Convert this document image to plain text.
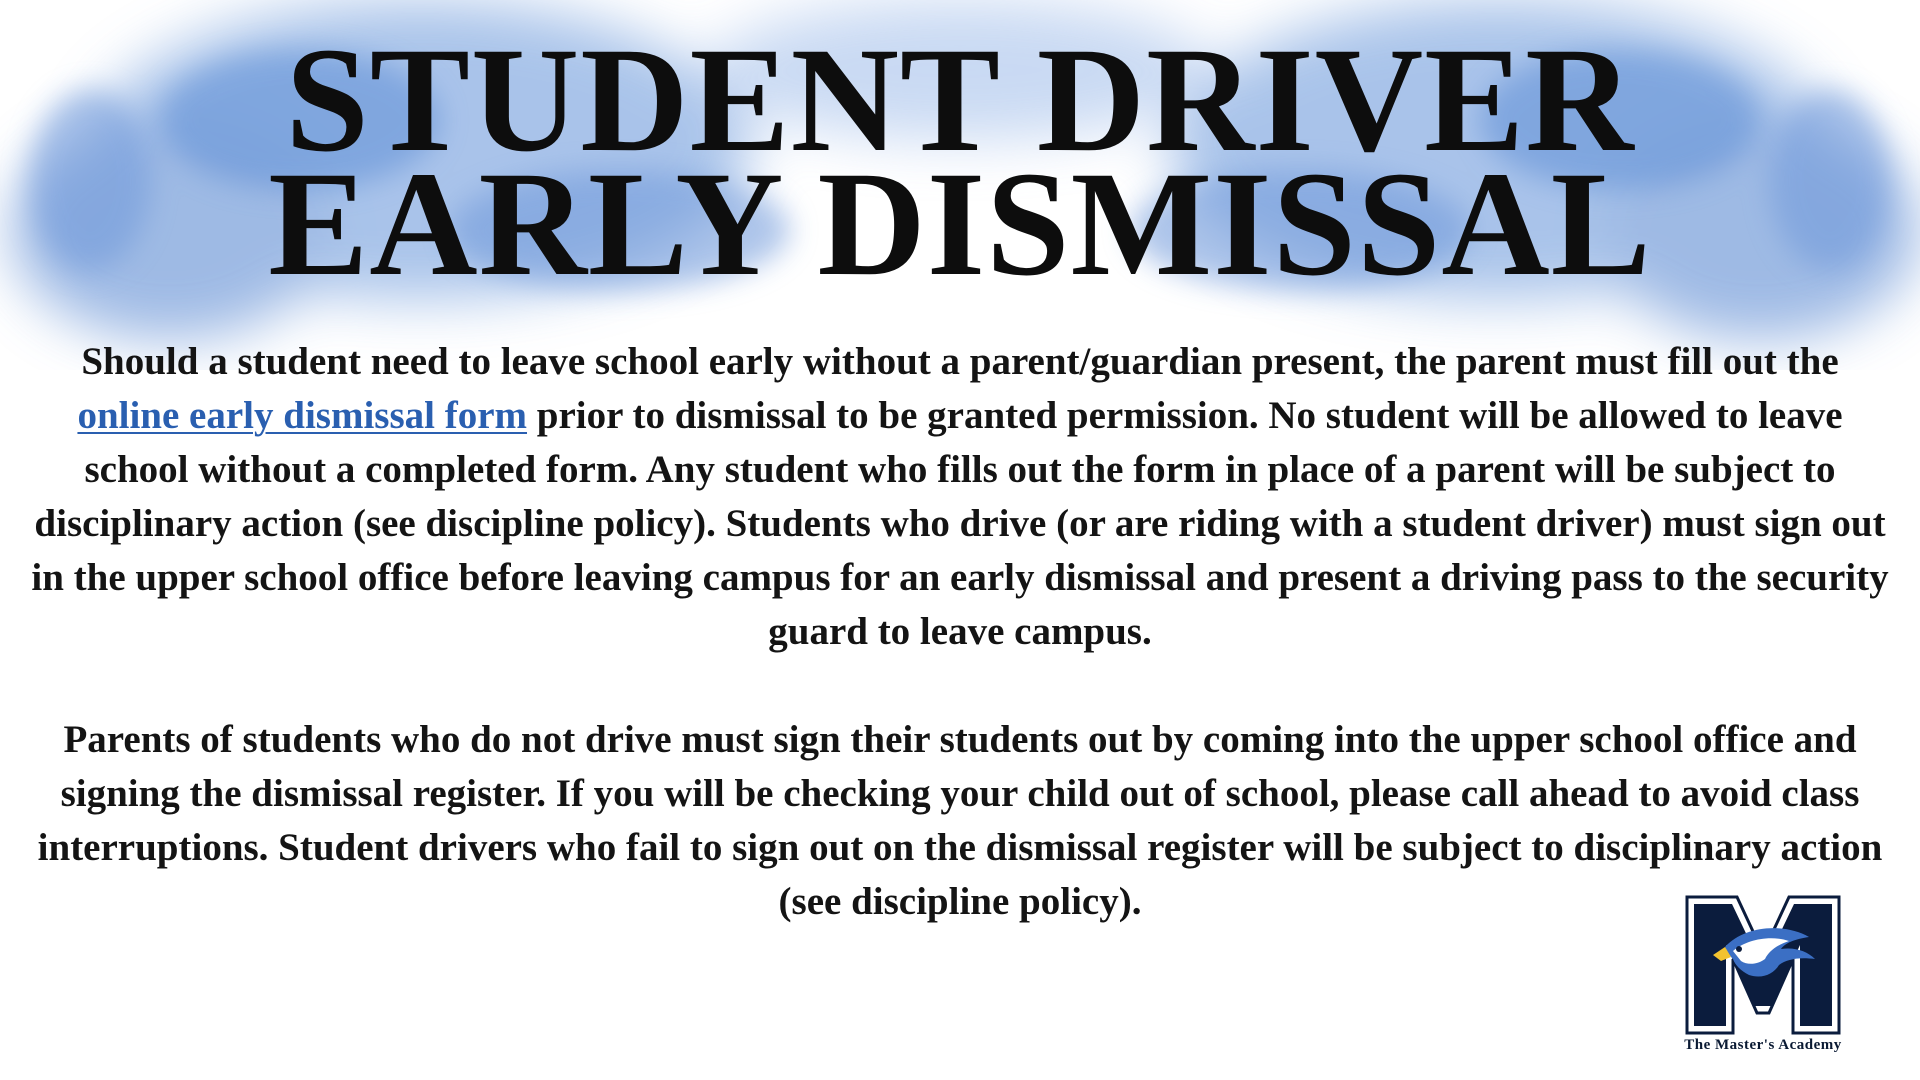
STUDENT DRIVER
EARLY DISMISSAL

Should a student need to leave school early without a parent/guardian present, the parent must fill out the online early dismissal form prior to dismissal to be granted permission. No student will be allowed to leave school without a completed form. Any student who fills out the form in place of a parent will be subject to disciplinary action (see discipline policy). Students who drive (or are riding with a student driver) must sign out in the upper school office before leaving campus for an early dismissal and present a driving pass to the security guard to leave campus.

Parents of students who do not drive must sign their students out by coming into the upper school office and signing the dismissal register. If you will be checking your child out of school, please call ahead to avoid class interruptions. Student drivers who fail to sign out on the dismissal register will be subject to disciplinary action (see discipline policy).

The Master's Academy
